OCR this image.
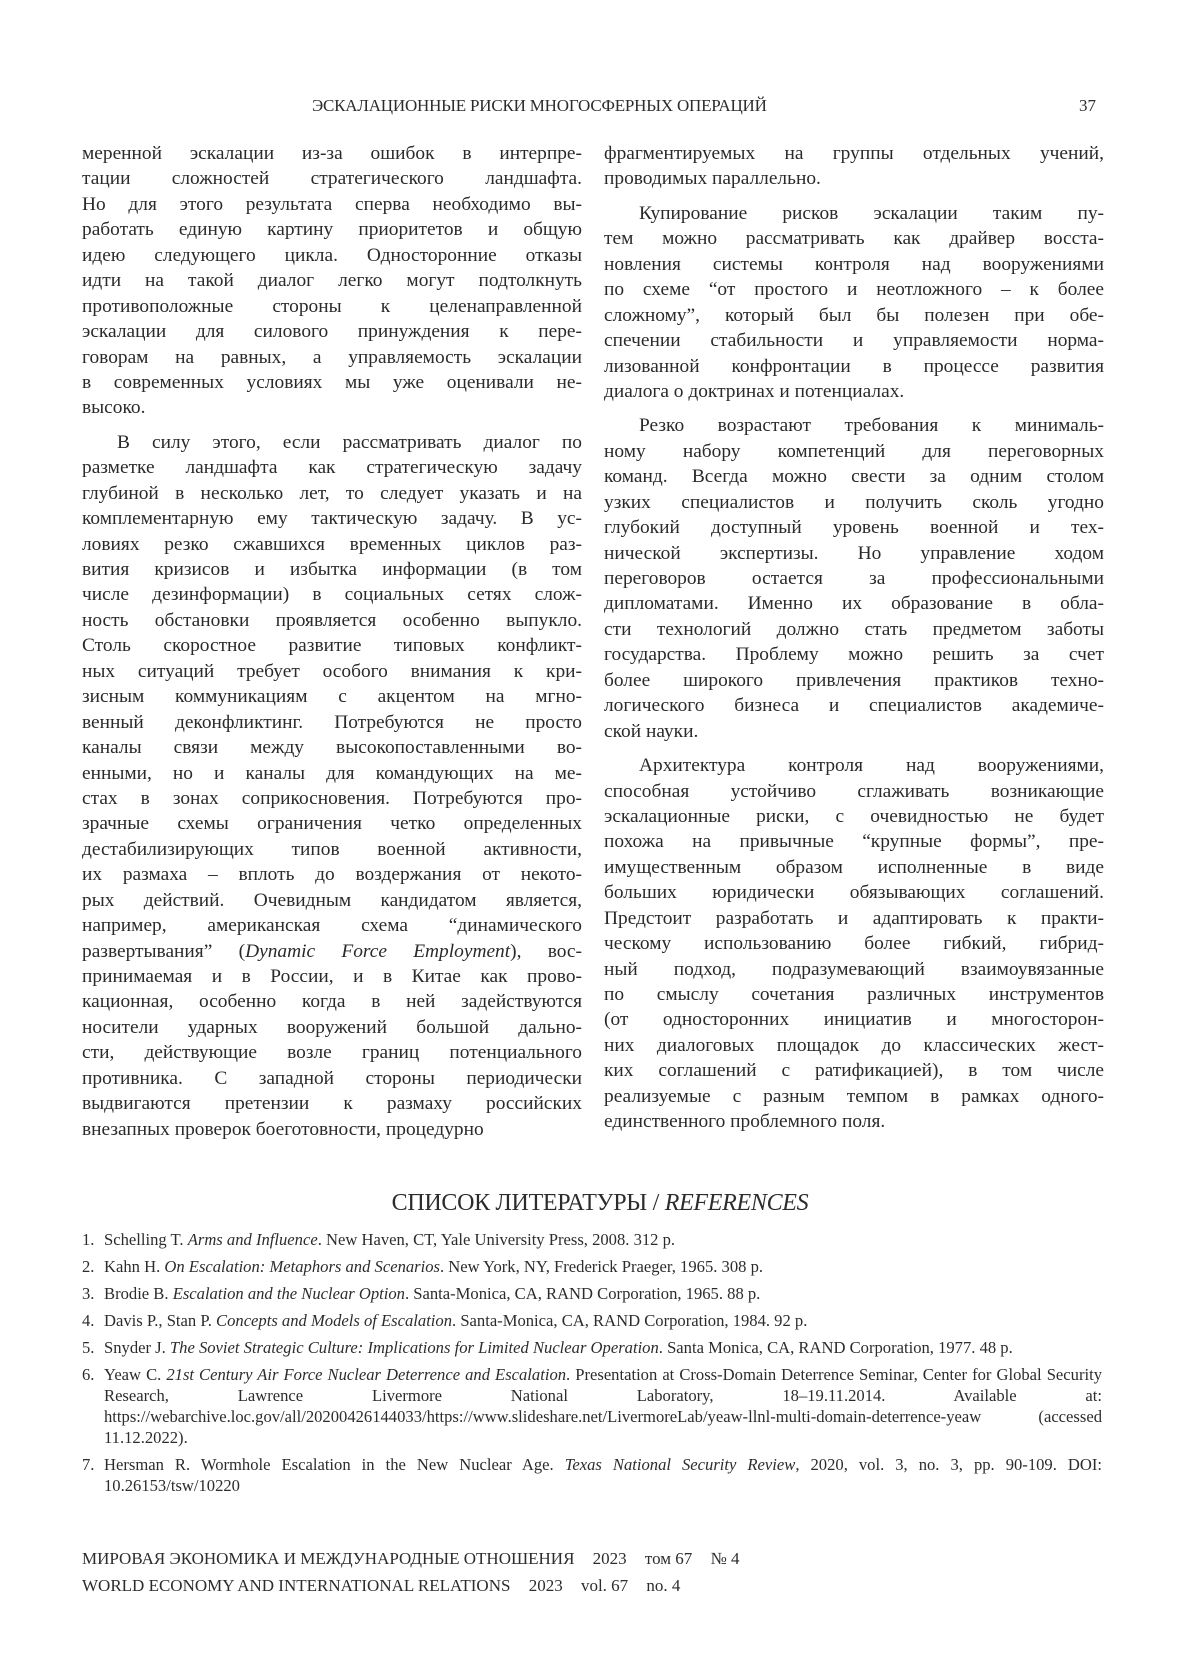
ЭСКАЛАЦИОННЫЕ РИСКИ МНОГОСФЕРНЫХ ОПЕРАЦИЙ	37
меренной эскалации из-за ошибок в интерпре-
тации сложностей стратегического ландшафта.
Но для этого результата сперва необходимо вы-
работать единую картину приоритетов и общую
идею следующего цикла. Односторонние отказы
идти на такой диалог легко могут подтолкнуть
противоположные стороны к целенаправленной
эскалации для силового принуждения к пере-
говорам на равных, а управляемость эскалации
в современных условиях мы уже оценивали не-
высоко.
В силу этого, если рассматривать диалог по
разметке ландшафта как стратегическую задачу
глубиной в несколько лет, то следует указать и на
комплементарную ему тактическую задачу. В ус-
ловиях резко сжавшихся временных циклов раз-
вития кризисов и избытка информации (в том
числе дезинформации) в социальных сетях слож-
ность обстановки проявляется особенно выпукло.
Столь скоростное развитие типовых конфликт-
ных ситуаций требует особого внимания к кри-
зисным коммуникациям с акцентом на мгно-
венный деконфликтинг. Потребуются не просто
каналы связи между высокопоставленными во-
енными, но и каналы для командующих на ме-
стах в зонах соприкосновения. Потребуются про-
зрачные схемы ограничения четко определенных
дестабилизирующих типов военной активности,
их размаха – вплоть до воздержания от некото-
рых действий. Очевидным кандидатом является,
например, американская схема “динамического
развертывания” (Dynamic Force Employment), вос-
принимаемая и в России, и в Китае как прово-
кационная, особенно когда в ней задействуются
носители ударных вооружений большой дально-
сти, действующие возле границ потенциального
противника. С западной стороны периодически
выдвигаются претензии к размаху российских
внезапных проверок боеготовности, процедурно
фрагментируемых на группы отдельных учений,
проводимых параллельно.
Купирование рисков эскалации таким пу-
тем можно рассматривать как драйвер восста-
новления системы контроля над вооружениями
по схеме “от простого и неотложного – к более
сложному”, который был бы полезен при обе-
спечении стабильности и управляемости норма-
лизованной конфронтации в процессе развития
диалога о доктринах и потенциалах.
Резко возрастают требования к минималь-
ному набору компетенций для переговорных
команд. Всегда можно свести за одним столом
узких специалистов и получить сколь угодно
глубокий доступный уровень военной и тех-
нической экспертизы. Но управление ходом
переговоров остается за профессиональными
дипломатами. Именно их образование в обла-
сти технологий должно стать предметом заботы
государства. Проблему можно решить за счет
более широкого привлечения практиков техно-
логического бизнеса и специалистов академиче-
ской науки.
Архитектура контроля над вооружениями,
способная устойчиво сглаживать возникающие
эскалационные риски, с очевидностью не будет
похожа на привычные “крупные формы”, пре-
имущественным образом исполненные в виде
больших юридически обязывающих соглашений.
Предстоит разработать и адаптировать к практи-
ческому использованию более гибкий, гибрид-
ный подход, подразумевающий взаимоувязанные
по смыслу сочетания различных инструментов
(от односторонних инициатив и многосторон-
них диалоговых площадок до классических жест-
ких соглашений с ратификацией), в том числе
реализуемые с разным темпом в рамках одного-
единственного проблемного поля.
СПИСОК ЛИТЕРАТУРЫ / REFERENCES
1. Schelling T. Arms and Influence. New Haven, CT, Yale University Press, 2008. 312 p.
2. Kahn H. On Escalation: Metaphors and Scenarios. New York, NY, Frederick Praeger, 1965. 308 p.
3. Brodie B. Escalation and the Nuclear Option. Santa-Monica, CA, RAND Corporation, 1965. 88 p.
4. Davis P., Stan P. Concepts and Models of Escalation. Santa-Monica, CA, RAND Corporation, 1984. 92 p.
5. Snyder J. The Soviet Strategic Culture: Implications for Limited Nuclear Operation. Santa Monica, CA, RAND Corporation, 1977. 48 p.
6. Yeaw C. 21st Century Air Force Nuclear Deterrence and Escalation. Presentation at Cross-Domain Deterrence Seminar, Center for Global Security Research, Lawrence Livermore National Laboratory, 18–19.11.2014. Available at: https://webarchive.loc.gov/all/20200426144033/https://www.slideshare.net/LivermoreLab/yeaw-llnl-multi-domain-deterrence-yeaw (accessed 11.12.2022).
7. Hersman R. Wormhole Escalation in the New Nuclear Age. Texas National Security Review, 2020, vol. 3, no. 3, pp. 90-109. DOI: 10.26153/tsw/10220
МИРОВАЯ ЭКОНОМИКА И МЕЖДУНАРОДНЫЕ ОТНОШЕНИЯ 2023 том 67 № 4
WORLD ECONOMY AND INTERNATIONAL RELATIONS 2023 vol. 67 no. 4
